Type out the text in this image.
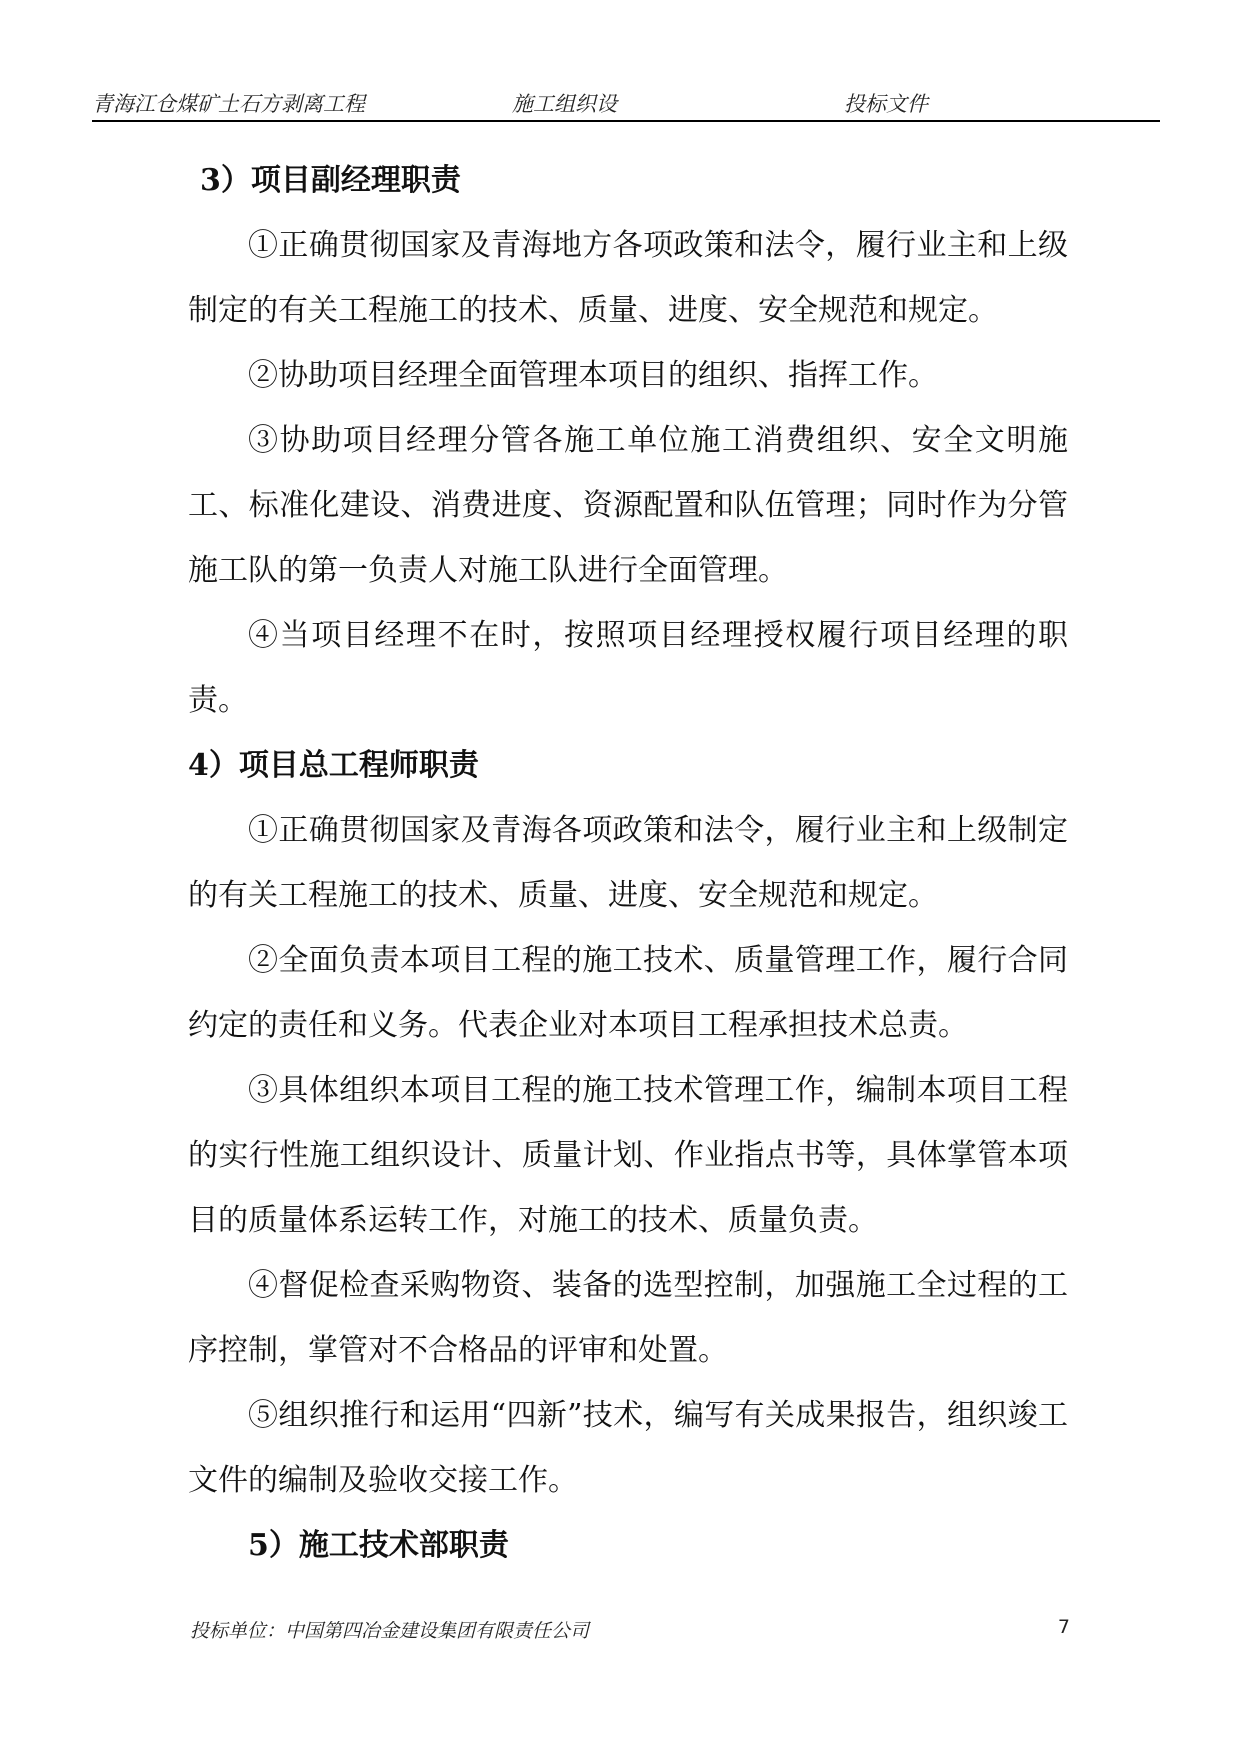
青海江仓煤矿土石方剥离工程	施工组织设	投标文件

3）项目副经理职责

①正确贯彻国家及青海地方各项政策和法令，履行业主和上级制定的有关工程施工的技术、质量、进度、安全规范和规定。

②协助项目经理全面管理本项目的组织、指挥工作。

③协助项目经理分管各施工单位施工消费组织、安全文明施工、标准化建设、消费进度、资源配置和队伍管理；同时作为分管施工队的第一负责人对施工队进行全面管理。

④当项目经理不在时，按照项目经理授权履行项目经理的职责。

4）项目总工程师职责

①正确贯彻国家及青海各项政策和法令，履行业主和上级制定的有关工程施工的技术、质量、进度、安全规范和规定。

②全面负责本项目工程的施工技术、质量管理工作，履行合同约定的责任和义务。代表企业对本项目工程承担技术总责。

③具体组织本项目工程的施工技术管理工作，编制本项目工程的实行性施工组织设计、质量计划、作业指点书等，具体掌管本项目的质量体系运转工作，对施工的技术、质量负责。

④督促检查采购物资、装备的选型控制，加强施工全过程的工序控制，掌管对不合格品的评审和处置。

⑤组织推行和运用“四新”技术，编写有关成果报告，组织竣工文件的编制及验收交接工作。

5）施工技术部职责

投标单位：中国第四冶金建设集团有限责任公司	7
